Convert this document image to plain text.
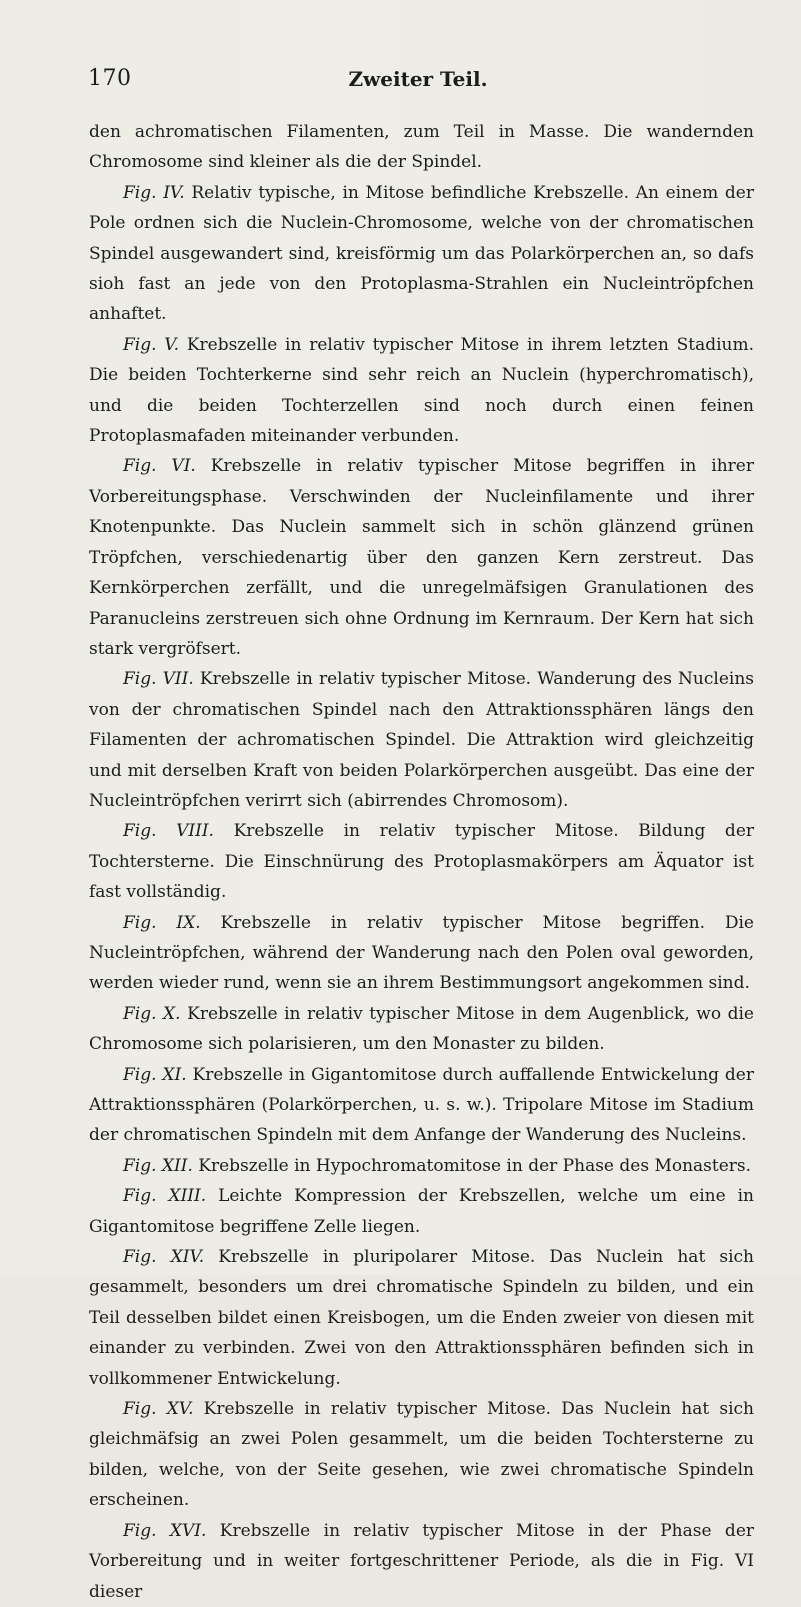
170	Zweiter Teil.

den achromatischen Filamenten, zum Teil in Masse. Die wandernden Chromosome sind kleiner als die der Spindel.

Fig. IV. Relativ typische, in Mitose befindliche Krebszelle. An einem der Pole ordnen sich die Nuclein-Chromosome, welche von der chromatischen Spindel ausgewandert sind, kreisförmig um das Polarkörperchen an, so dafs sioh fast an jede von den Protoplasma-Strahlen ein Nucleintröpfchen anhaftet.

Fig. V. Krebszelle in relativ typischer Mitose in ihrem letzten Stadium. Die beiden Tochterkerne sind sehr reich an Nuclein (hyperchromatisch), und die beiden Tochterzellen sind noch durch einen feinen Protoplasmafaden miteinander verbunden.

Fig. VI. Krebszelle in relativ typischer Mitose begriffen in ihrer Vorbereitungsphase. Verschwinden der Nucleinfilamente und ihrer Knotenpunkte. Das Nuclein sammelt sich in schön glänzend grünen Tröpfchen, verschiedenartig über den ganzen Kern zerstreut. Das Kernkörperchen zerfällt, und die unregelmäfsigen Granulationen des Paranucleins zerstreuen sich ohne Ordnung im Kernraum. Der Kern hat sich stark vergröfsert.

Fig. VII. Krebszelle in relativ typischer Mitose. Wanderung des Nucleins von der chromatischen Spindel nach den Attraktionssphären längs den Filamenten der achromatischen Spindel. Die Attraktion wird gleichzeitig und mit derselben Kraft von beiden Polarkörperchen ausgeübt. Das eine der Nucleintröpfchen verirrt sich (abirrendes Chromosom).

Fig. VIII. Krebszelle in relativ typischer Mitose. Bildung der Tochtersterne. Die Einschnürung des Protoplasmakörpers am Äquator ist fast vollständig.

Fig. IX. Krebszelle in relativ typischer Mitose begriffen. Die Nucleintröpfchen, während der Wanderung nach den Polen oval geworden, werden wieder rund, wenn sie an ihrem Bestimmungsort angekommen sind.

Fig. X. Krebszelle in relativ typischer Mitose in dem Augenblick, wo die Chromosome sich polarisieren, um den Monaster zu bilden.

Fig. XI. Krebszelle in Gigantomitose durch auffallende Entwickelung der Attraktionssphären (Polarkörperchen, u. s. w.). Tripolare Mitose im Stadium der chromatischen Spindeln mit dem Anfange der Wanderung des Nucleins.

Fig. XII. Krebszelle in Hypochromatomitose in der Phase des Monasters.

Fig. XIII. Leichte Kompression der Krebszellen, welche um eine in Gigantomitose begriffene Zelle liegen.

Fig. XIV. Krebszelle in pluripolarer Mitose. Das Nuclein hat sich gesammelt, besonders um drei chromatische Spindeln zu bilden, und ein Teil desselben bildet einen Kreisbogen, um die Enden zweier von diesen mit einander zu verbinden. Zwei von den Attraktionssphären befinden sich in vollkommener Entwickelung.

Fig. XV. Krebszelle in relativ typischer Mitose. Das Nuclein hat sich gleichmäfsig an zwei Polen gesammelt, um die beiden Tochtersterne zu bilden, welche, von der Seite gesehen, wie zwei chromatische Spindeln erscheinen.

Fig. XVI. Krebszelle in relativ typischer Mitose in der Phase der Vorbereitung und in weiter fortgeschrittener Periode, als die in Fig. VI dieser
